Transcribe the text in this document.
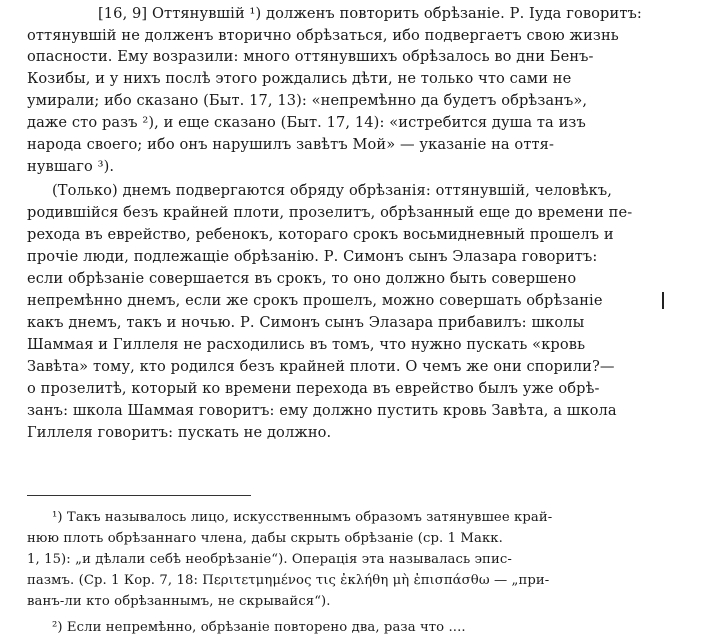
[16, 9] Оттянувшій ¹) долженъ повторить обрѣзаніе. Р. Іуда говоритъ:
оттянувшій не долженъ вторично обрѣзаться, ибо подвергаетъ свою жизнь
опасности. Ему возразили: много оттянувшихъ обрѣзалось во дни Бенъ-
Козибы, и у нихъ послѣ этого рождались дѣти, не только что сами не
умирали; ибо сказано (Быт. 17, 13): «непремѣнно да будетъ обрѣзанъ»,
даже сто разъ ²), и еще сказано (Быт. 17, 14): «истребится душа та изъ
народа своего; ибо онъ нарушилъ завѣтъ Мой» — указаніе на оття-
нувшаго ³).
(Только) днемъ подвергаются обряду обрѣзанія: оттянувшій, человѣкъ,
родившійся безъ крайней плоти, прозелитъ, обрѣзанный еще до времени пе-
рехода въ еврейство, ребенокъ, котораго срокъ восьмидневный прошелъ и
прочіе люди, подлежащіе обрѣзанію. Р. Симонъ сынъ Элазара говоритъ:
если обрѣзаніе совершается въ срокъ, то оно должно быть совершено
непремѣнно днемъ, если же срокъ прошелъ, можно совершать обрѣзаніе
какъ днемъ, такъ и ночью. Р. Симонъ сынъ Элазара прибавилъ: школы
Шаммая и Гиллеля не расходились въ томъ, что нужно пускать «кровь
Завѣта» тому, кто родился безъ крайней плоти. О чемъ же они спорили?—
о прозелитѣ, который ко времени перехода въ еврейство былъ уже обрѣ-
занъ: школа Шаммая говоритъ: ему должно пустить кровь Завѣта, а школа
Гиллеля говоритъ: пускать не должно.
¹) Такъ называлось лицо, искусственнымъ образомъ затянувшее край-
нюю плоть обрѣзаннаго члена, дабы скрыть обрѣзаніе (ср. 1 Макк.
1, 15): „и дѣлали себѣ необрѣзаніе“). Операція эта называлась эпис-
пазмъ. (Ср. 1 Кор. 7, 18: Περιτετμημένος τις ἐκλήθη μὴ ἐπισπάσθω — „при-
ванъ-ли кто обрѣзаннымъ, не скрывайся“).
²) Если непремѣнно, обрѣзаніе повторено два, раза что ....
